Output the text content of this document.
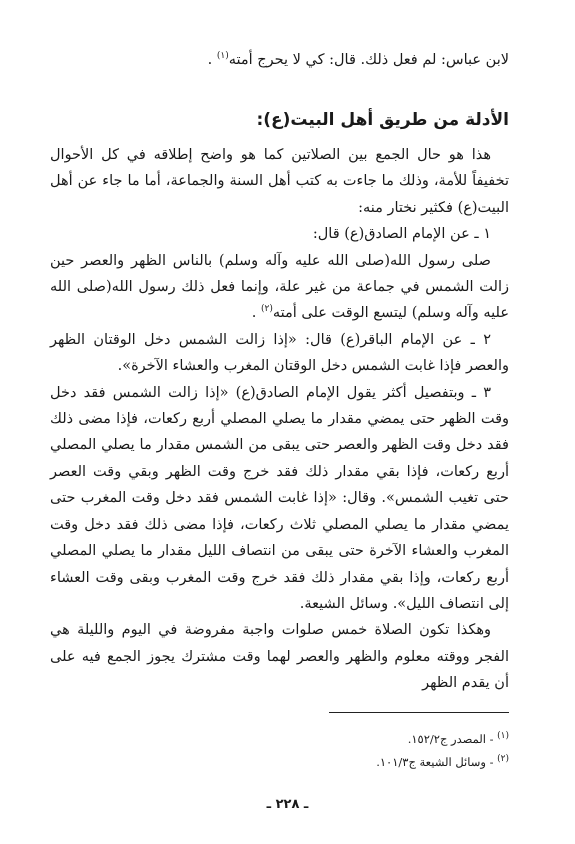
لابن عباس: لم فعل ذلك. قال: كي لا يحرج أمته$^{(١)}$ .
الأدلة من طريق أهل البيت(ع):

هذا هو حال الجمع بين الصلاتين كما هو واضح إطلاقه في كل الأحوال تخفيفاً للأمة، وذلك ما جاءت به كتب أهل السنة والجماعة، أما ما جاء عن أهل البيت(ع) فكثير نختار منه:

١ ـ عن الإمام الصادق(ع) قال:

صلى رسول الله(صلى الله عليه وآله وسلم) بالناس الظهر والعصر حين زالت الشمس في جماعة من غير علة، وإنما فعل ذلك رسول الله(صلى الله عليه وآله وسلم) ليتسع الوقت على أمته$^{(٢)}$ .

٢ ـ عن الإمام الباقر(ع) قال: «إذا زالت الشمس دخل الوقتان الظهر والعصر فإذا غابت الشمس دخل الوقتان المغرب والعشاء الآخرة».

٣ ـ وبتفصيل أكثر يقول الإمام الصادق(ع) «إذا زالت الشمس فقد دخل وقت الظهر حتى يمضي مقدار ما يصلي المصلي أربع ركعات، فإذا مضى ذلك فقد دخل وقت الظهر والعصر حتى يبقى من الشمس مقدار ما يصلي المصلي أربع ركعات، فإذا بقي مقدار ذلك فقد خرج وقت الظهر وبقي وقت العصر حتى تغيب الشمس». وقال: «إذا غابت الشمس فقد دخل وقت المغرب حتى يمضي مقدار ما يصلي المصلي ثلاث ركعات، فإذا مضى ذلك فقد دخل وقت المغرب والعشاء الآخرة حتى يبقى من انتصاف الليل مقدار ما يصلي المصلي أربع ركعات، وإذا بقي مقدار ذلك فقد خرج وقت المغرب وبقى وقت العشاء إلى انتصاف الليل». وسائل الشيعة.

وهكذا تكون الصلاة خمس صلوات واجبة مفروضة في اليوم والليلة هي الفجر ووقته معلوم والظهر والعصر لهما وقت مشترك يجوز الجمع فيه على أن يقدم الظهر

$^{(١)}$ - المصدر ج١٥٢/٢.
$^{(٢)}$ - وسائل الشيعة ج١٠١/٣.
ـ ٢٢٨ ـ
